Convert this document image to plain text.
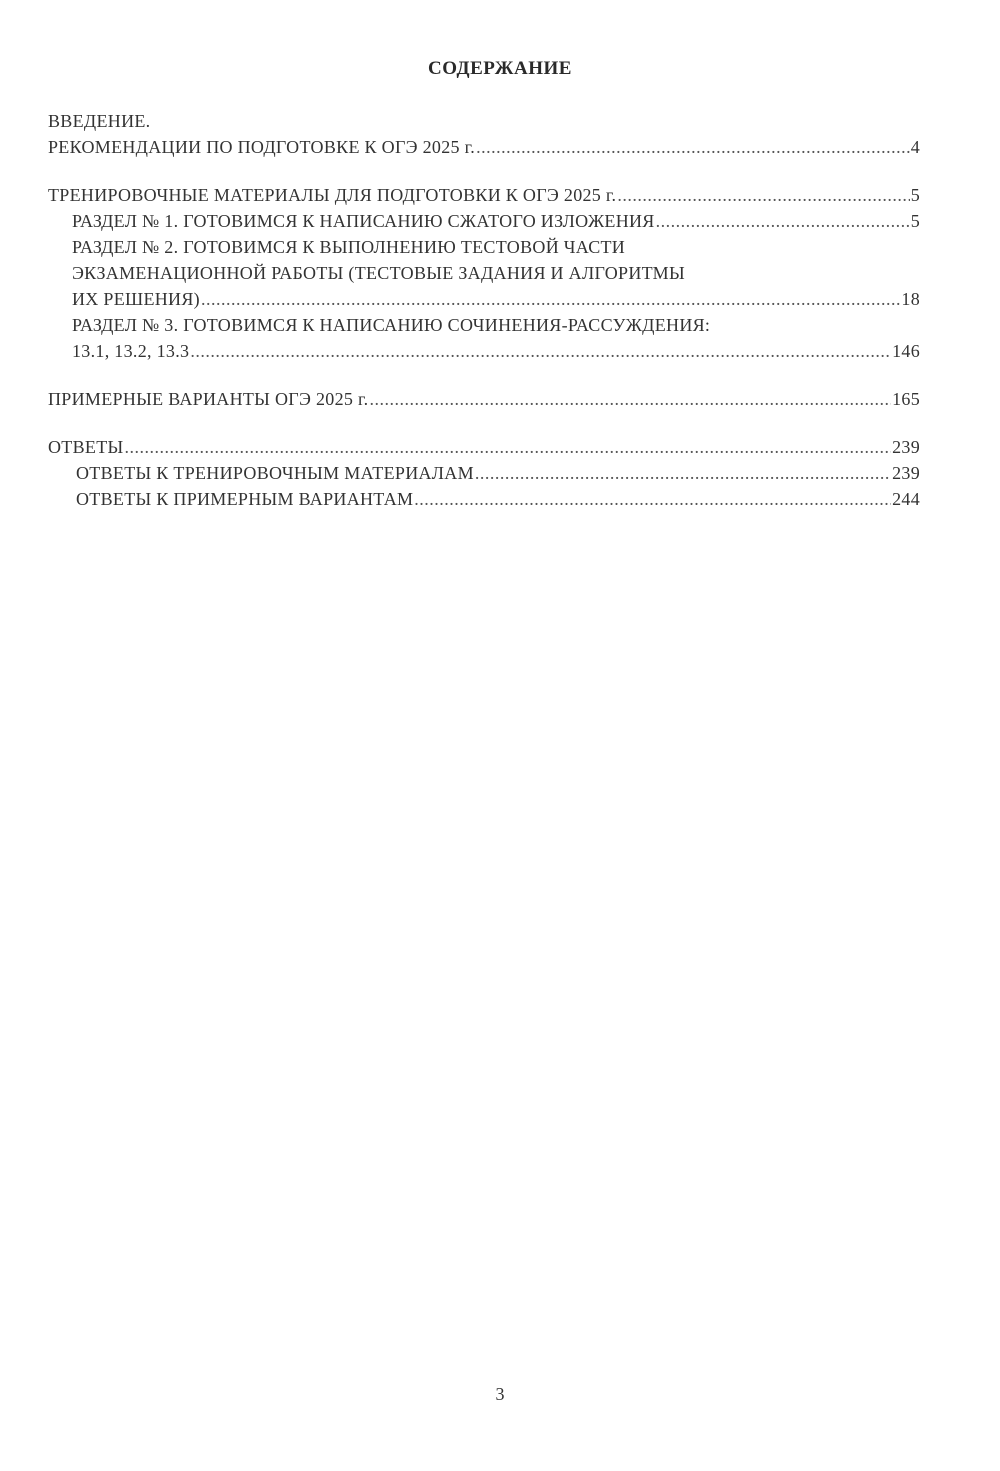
СОДЕРЖАНИЕ
ВВЕДЕНИЕ.
РЕКОМЕНДАЦИИ ПО ПОДГОТОВКЕ К ОГЭ 2025 г. .....	4
ТРЕНИРОВОЧНЫЕ МАТЕРИАЛЫ ДЛЯ ПОДГОТОВКИ К ОГЭ 2025 г. .....	5
РАЗДЕЛ № 1. ГОТОВИМСЯ К НАПИСАНИЮ СЖАТОГО ИЗЛОЖЕНИЯ .....	5
РАЗДЕЛ № 2. ГОТОВИМСЯ К ВЫПОЛНЕНИЮ ТЕСТОВОЙ ЧАСТИ
ЭКЗАМЕНАЦИОННОЙ РАБОТЫ (ТЕСТОВЫЕ ЗАДАНИЯ И АЛГОРИТМЫ
ИХ РЕШЕНИЯ) .....	18
РАЗДЕЛ № 3. ГОТОВИМСЯ К НАПИСАНИЮ СОЧИНЕНИЯ-РАССУЖДЕНИЯ:
13.1, 13.2, 13.3 .....	146
ПРИМЕРНЫЕ ВАРИАНТЫ ОГЭ 2025 г. .....	165
ОТВЕТЫ .....	239
ОТВЕТЫ К ТРЕНИРОВОЧНЫМ МАТЕРИАЛАМ .....	239
ОТВЕТЫ К ПРИМЕРНЫМ ВАРИАНТАМ .....	244
3
